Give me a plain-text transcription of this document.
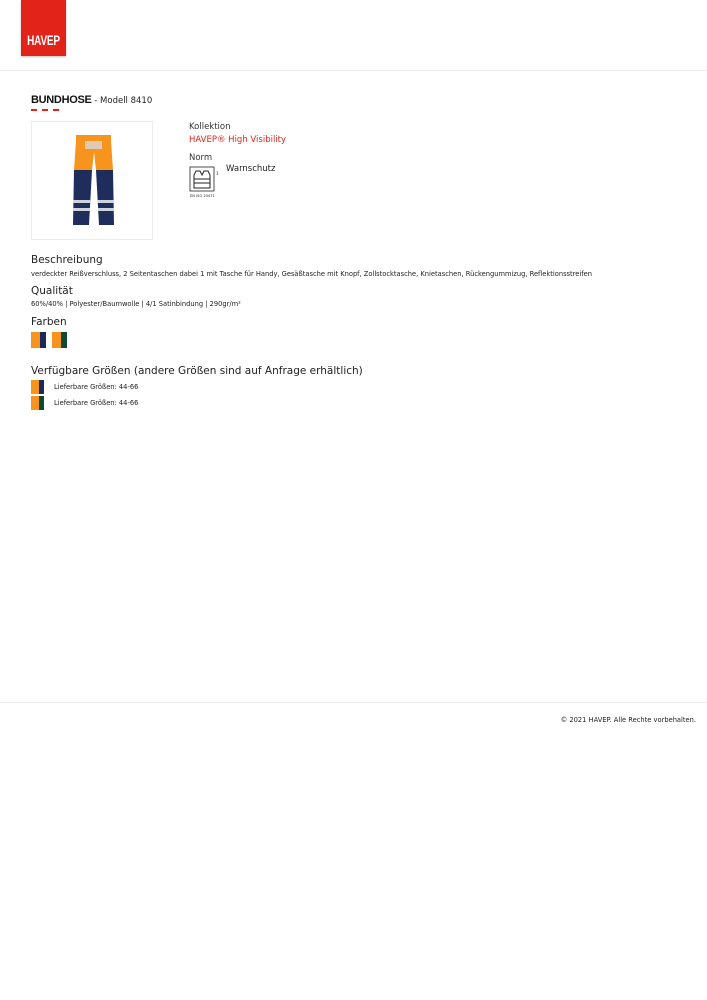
HAVEP
BUNDHOSE - Modell 8410
Kollektion
HAVEP® High Visibility
Norm
1
EN ISO 20471
Warnschutz
Beschreibung
verdeckter Reißverschluss, 2 Seitentaschen dabei 1 mit Tasche für Handy, Gesäßtasche mit Knopf, Zollstocktasche, Knietaschen, Rückengummizug, Reflektionsstreifen
Qualität
60%/40% | Polyester/Baumwolle | 4/1 Satinbindung | 290gr/m²
Farben
Verfügbare Größen (andere Größen sind auf Anfrage erhältlich)
Lieferbare Größen: 44-66
Lieferbare Größen: 44-66
© 2021 HAVEP. Alle Rechte vorbehalten.
